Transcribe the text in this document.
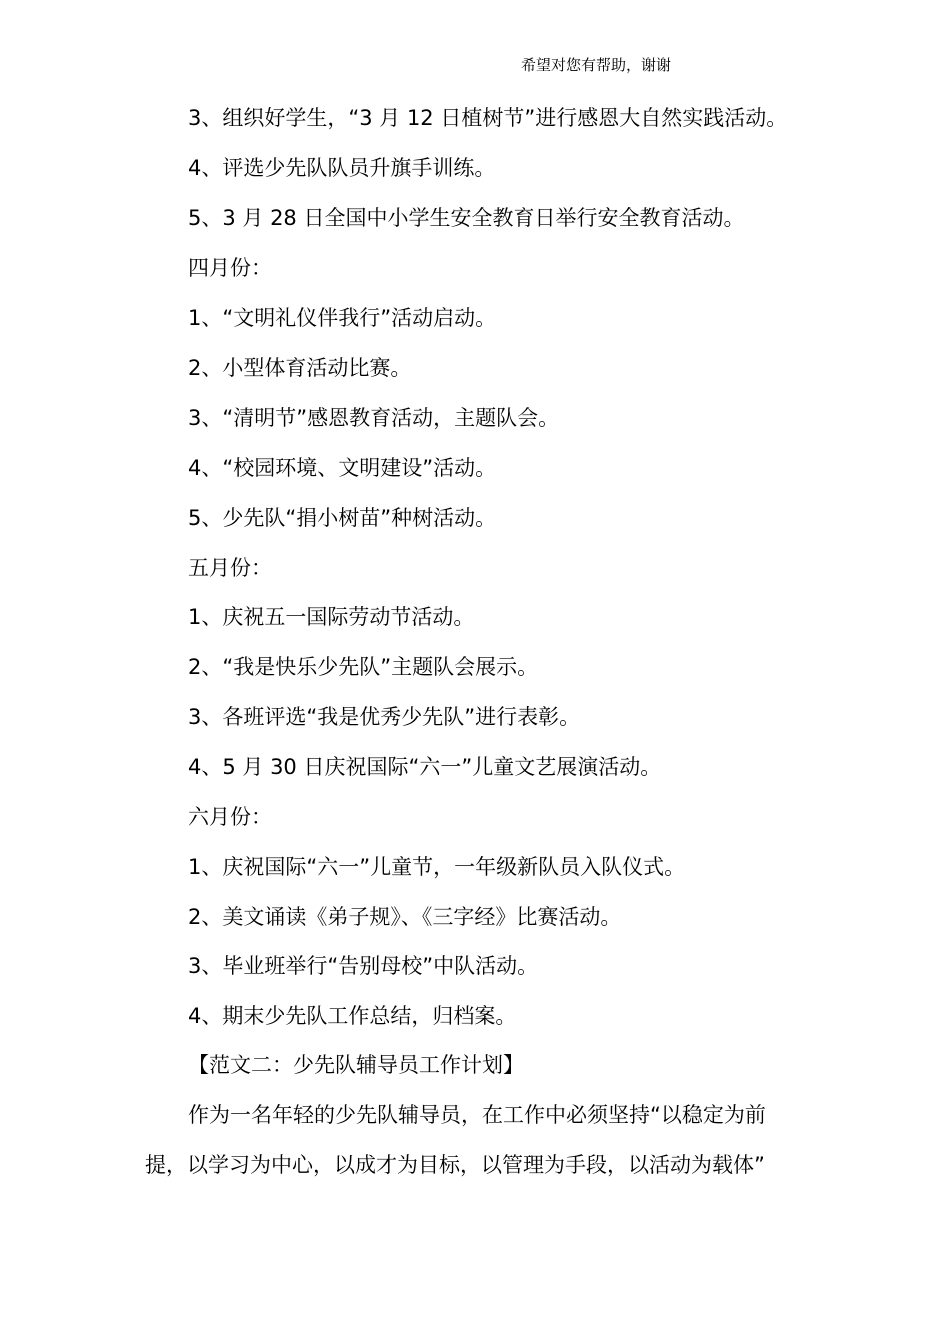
希望对您有帮助，谢谢
3、组织好学生，“3 月 12 日植树节”进行感恩大自然实践活动。
4、评选少先队队员升旗手训练。
5、3 月 28 日全国中小学生安全教育日举行安全教育活动。
四月份：
1、“文明礼仪伴我行”活动启动。
2、小型体育活动比赛。
3、“清明节”感恩教育活动，主题队会。
4、“校园环境、文明建设”活动。
5、少先队“捐小树苗”种树活动。
五月份：
1、庆祝五一国际劳动节活动。
2、“我是快乐少先队”主题队会展示。
3、各班评选“我是优秀少先队”进行表彰。
4、5 月 30 日庆祝国际“六一”儿童文艺展演活动。
六月份：
1、庆祝国际“六一”儿童节，一年级新队员入队仪式。
2、美文诵读《弟子规》、《三字经》比赛活动。
3、毕业班举行“告别母校”中队活动。
4、期末少先队工作总结，归档案。
【范文二：少先队辅导员工作计划】
作为一名年轻的少先队辅导员，在工作中必须坚持“以稳定为前
提，以学习为中心，以成才为目标，以管理为手段，以活动为载体”
